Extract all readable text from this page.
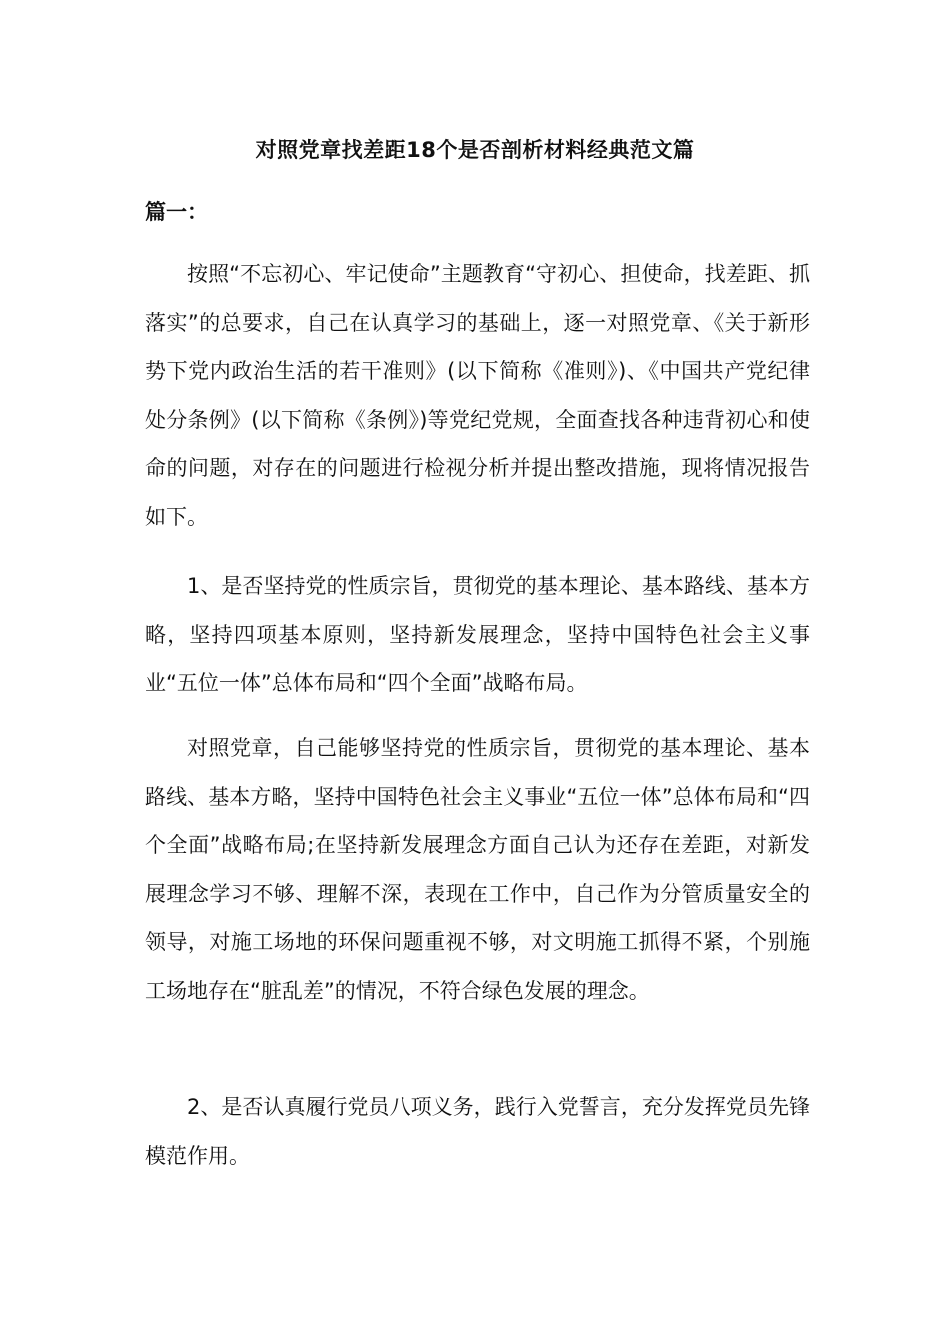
对照党章找差距18个是否剖析材料经典范文篇
篇一：

按照“不忘初心、牢记使命”主题教育“守初心、担使命，找差距、抓落实”的总要求，自己在认真学习的基础上，逐一对照党章、《关于新形势下党内政治生活的若干准则》(以下简称《准则》)、《中国共产党纪律处分条例》(以下简称《条例》)等党纪党规，全面查找各种违背初心和使命的问题，对存在的问题进行检视分析并提出整改措施，现将情况报告如下。

1、是否坚持党的性质宗旨，贯彻党的基本理论、基本路线、基本方略，坚持四项基本原则，坚持新发展理念，坚持中国特色社会主义事业“五位一体”总体布局和“四个全面”战略布局。

对照党章，自己能够坚持党的性质宗旨，贯彻党的基本理论、基本路线、基本方略，坚持中国特色社会主义事业“五位一体”总体布局和“四个全面”战略布局;在坚持新发展理念方面自己认为还存在差距，对新发展理念学习不够、理解不深，表现在工作中，自己作为分管质量安全的领导，对施工场地的环保问题重视不够，对文明施工抓得不紧，个别施工场地存在“脏乱差”的情况，不符合绿色发展的理念。

2、是否认真履行党员八项义务，践行入党誓言，充分发挥党员先锋模范作用。
